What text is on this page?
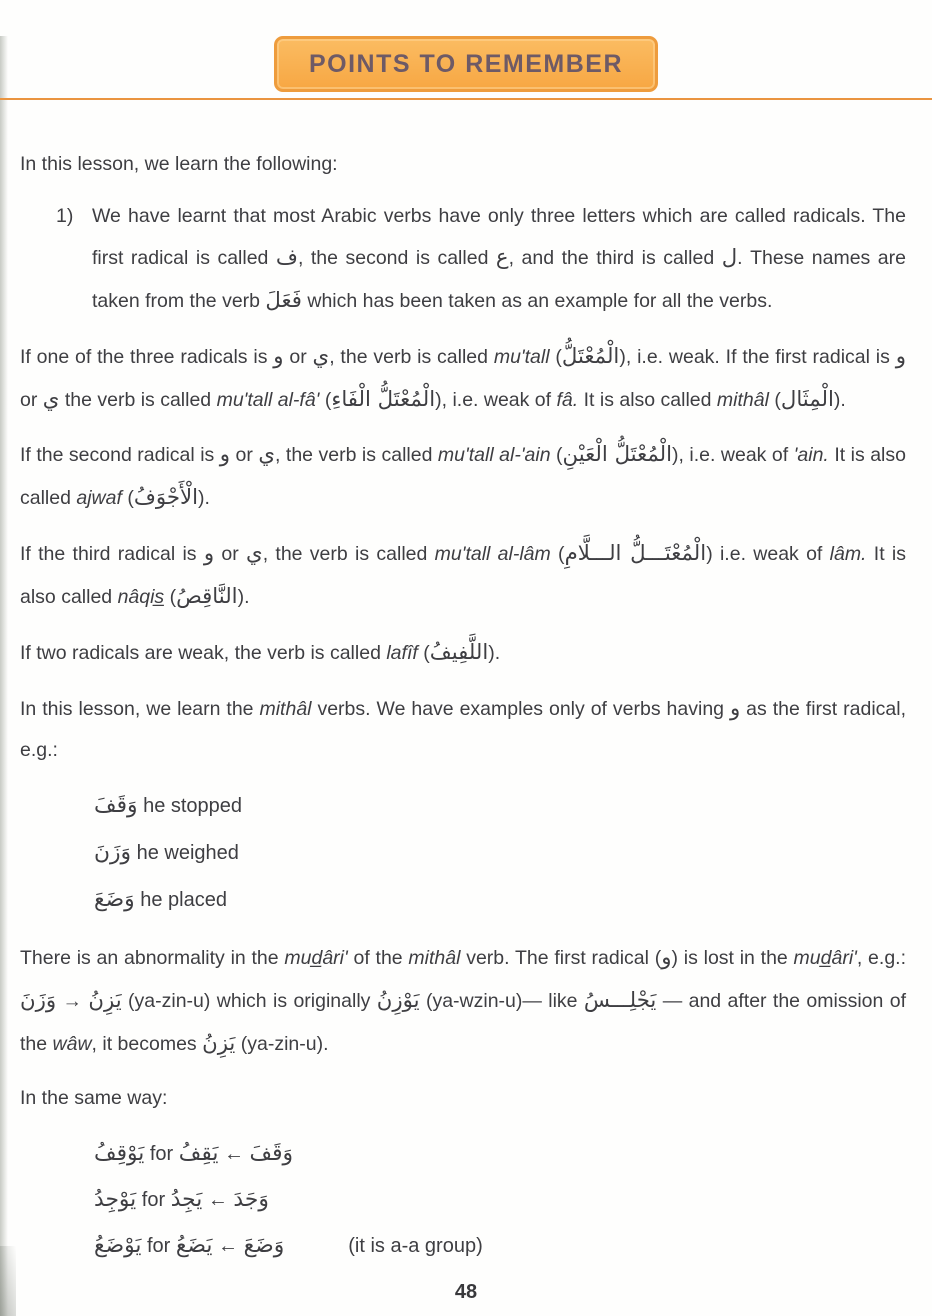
POINTS TO REMEMBER

In this lesson, we learn the following:

1) We have learnt that most Arabic verbs have only three letters which are called radicals. The first radical is called ف, the second is called ع, and the third is called ل. These names are taken from the verb فَعَلَ which has been taken as an example for all the verbs.

If one of the three radicals is و or ي, the verb is called mu'tall (الْمُعْتَلُّ), i.e. weak. If the first radical is و or ي the verb is called mu'tall al-fâ' (الْمُعْتَلُّ الْفَاءِ), i.e. weak of fâ. It is also called mithâl (الْمِثَال).

If the second radical is و or ي, the verb is called mu'tall al-'ain (الْمُعْتَلُّ الْعَيْنِ), i.e. weak of 'ain. It is also called ajwaf (الْأَجْوَفُ).

If the third radical is و or ي, the verb is called mu'tall al-lâm (الْمُعْتَـــلُّ الـــلَّامِ) i.e. weak of lâm. It is also called nâqis̲ (النَّاقِصُ).

If two radicals are weak, the verb is called lafîf (اللَّفِيفُ).

In this lesson, we learn the mithâl verbs. We have examples only of verbs having و as the first radical, e.g.:

وَقَفَ he stopped
وَزَنَ he weighed
وَضَعَ he placed

There is an abnormality in the mud̲âri' of the mithâl verb. The first radical (و) is lost in the mud̲âri', e.g.: وَزَنَ → يَزِنُ (ya-zin-u) which is originally يَوْزِنُ (ya-wzin-u)— like يَجْلِـــسُ — and after the omission of the wâw, it becomes يَزِنُ (ya-zin-u).

In the same way:

يَوْقِفُ for يَقِفُ ← وَقَفَ
يَوْجِدُ for يَجِدُ ← وَجَدَ
يَوْضَعُ for يَضَعُ ← وَضَعَ	(it is a-a group)
48
